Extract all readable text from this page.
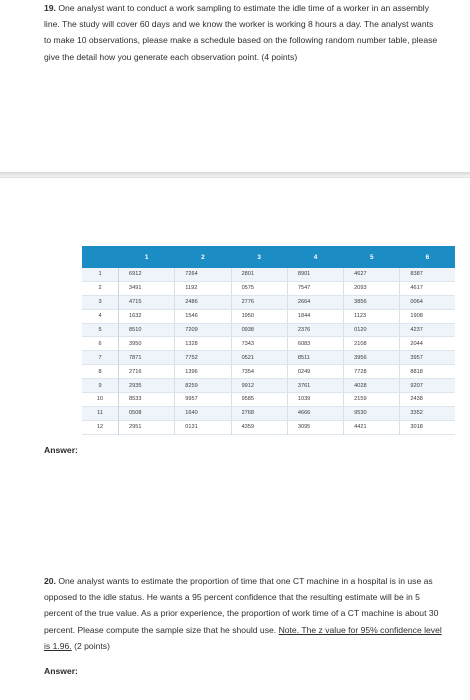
19. One analyst want to conduct a work sampling to estimate the idle time of a worker in an assembly line. The study will cover 60 days and we know the worker is working 8 hours a day. The analyst wants to make 10 observations, please make a schedule based on the following random number table, please give the detail how you generate each observation point. (4 points)
	1	2	3	4	5	6
1	6912	7264	2801	8901	4627	8387
2	3491	1192	0575	7547	2093	4617
3	4715	2486	2776	2664	3856	0064
4	1632	1546	1950	1844	1123	1908
5	8510	7209	0938	2376	0120	4237
6	3950	1328	7343	6083	2108	2044
7	7871	7752	0521	8511	3956	3957
8	2716	1396	7354	0249	7728	8818
9	2935	8259	9912	3761	4028	9207
10	8533	9957	9585	1039	2159	2438
11	0508	1640	2768	4666	9530	3352
12	2951	0131	4359	3095	4421	3018
Answer:
20. One analyst wants to estimate the proportion of time that one CT machine in a hospital is in use as opposed to the idle status. He wants a 95 percent confidence that the resulting estimate will be in 5 percent of the true value. As a prior experience, the proportion of work time of a CT machine is about 30 percent. Please compute the sample size that he should use. Note. The z value for 95% confidence level is 1.96. (2 points)
Answer:
